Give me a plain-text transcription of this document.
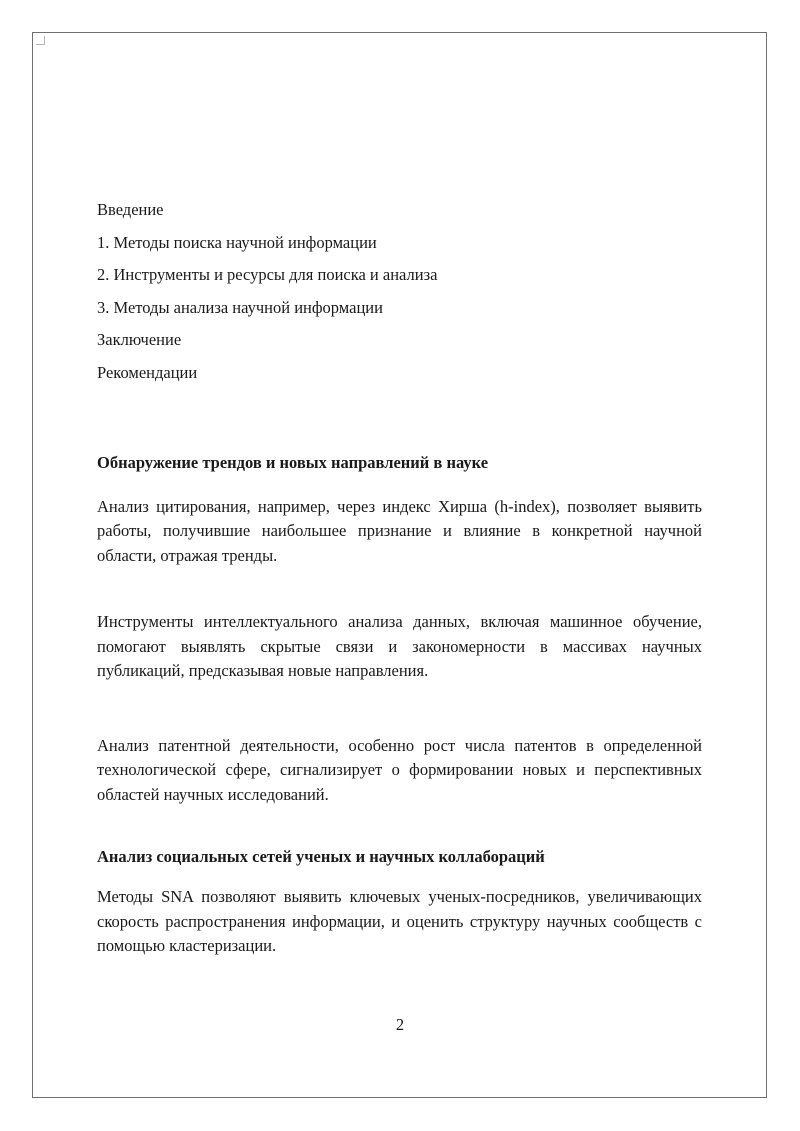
Введение
1. Методы поиска научной информации
2. Инструменты и ресурсы для поиска и анализа
3. Методы анализа научной информации
Заключение
Рекомендации

Обнаружение трендов и новых направлений в науке

Анализ цитирования, например, через индекс Хирша (h-index), позволяет выявить работы, получившие наибольшее признание и влияние в конкретной научной области, отражая тренды.

Инструменты интеллектуального анализа данных, включая машинное обучение, помогают выявлять скрытые связи и закономерности в массивах научных публикаций, предсказывая новые направления.

Анализ патентной деятельности, особенно рост числа патентов в определенной технологической сфере, сигнализирует о формировании новых и перспективных областей научных исследований.

Анализ социальных сетей ученых и научных коллабораций

Методы SNA позволяют выявить ключевых ученых-посредников, увеличивающих скорость распространения информации, и оценить структуру научных сообществ с помощью кластеризации.

2
